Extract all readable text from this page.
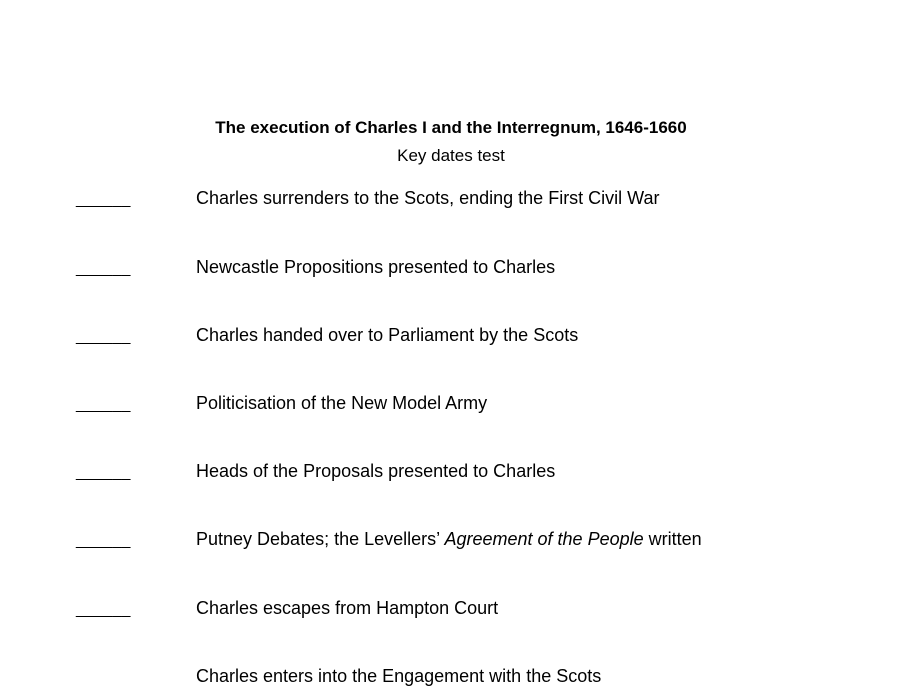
The execution of Charles I and the Interregnum, 1646-1660
Key dates test
______	Charles surrenders to the Scots, ending the First Civil War
______	Newcastle Propositions presented to Charles
______	Charles handed over to Parliament by the Scots
______	Politicisation of the New Model Army
______	Heads of the Proposals presented to Charles
______	Putney Debates; the Levellers’ Agreement of the People written
______	Charles escapes from Hampton Court
Charles enters into the Engagement with the Scots
